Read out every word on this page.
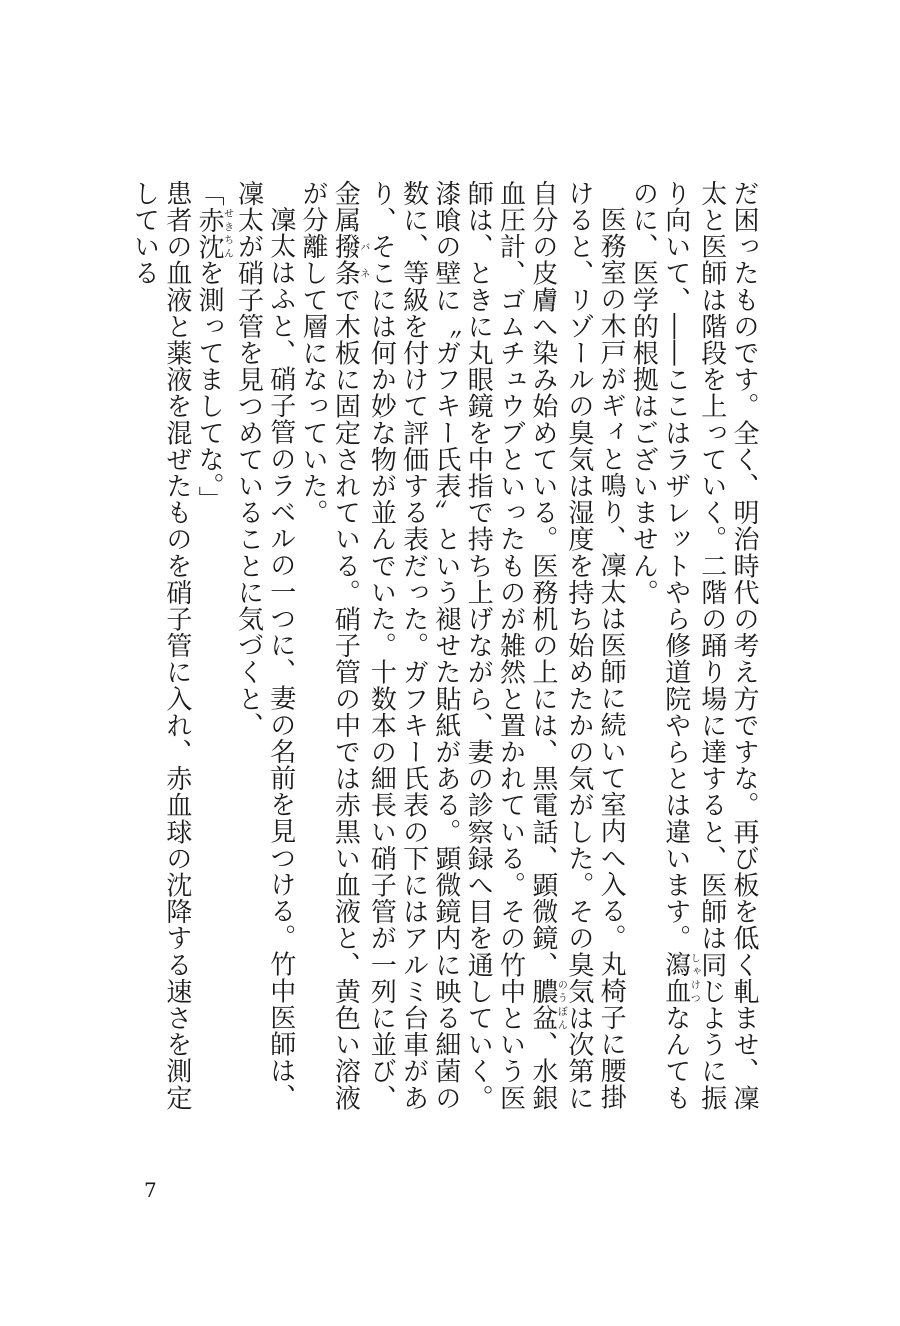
だ困ったものです。全く、明治時代の考え方ですな。再び板を低く軋ませ、凜太と医師は階段を上っていく。二階の踊り場に達すると、医師は同じように振り向いて、――ここはラザレットやら修道院やらとは違います。瀉血しゃけつなんてものに、医学的根拠はございません。

医務室の木戸がギィと鳴り、凜太は医師に続いて室内へ入る。丸椅子に腰掛けると、リゾールの臭気は湿度を持ち始めたかの気がした。その臭気は次第に自分の皮膚へ染み始めている。医務机の上には、黒電話、顕微鏡、膿盆のうぼん、水銀血圧計、ゴムチュウブといったものが雑然と置かれている。その竹中という医師は、ときに丸眼鏡を中指で持ち上げながら、妻の診察録へ目を通していく。漆喰の壁に〝ガフキー氏表〟という褪せた貼紙がある。顕微鏡内に映る細菌の数に、等級を付けて評価する表だった。ガフキー氏表の下にはアルミ台車があり、そこには何か妙な物が並んでいた。十数本の細長い硝子管が一列に並び、金属撥条バネで木板に固定されている。硝子管の中では赤黒い血液と、黄色い溶液が分離して層になっていた。

凜太はふと、硝子管のラベルの一つに、妻の名前を見つける。竹中医師は、凜太が硝子管を見つめていることに気づくと、

「赤沈せきちんを測ってましてな。」

患者の血液と薬液を混ぜたものを硝子管に入れ、赤血球の沈降する速さを測定している

7
